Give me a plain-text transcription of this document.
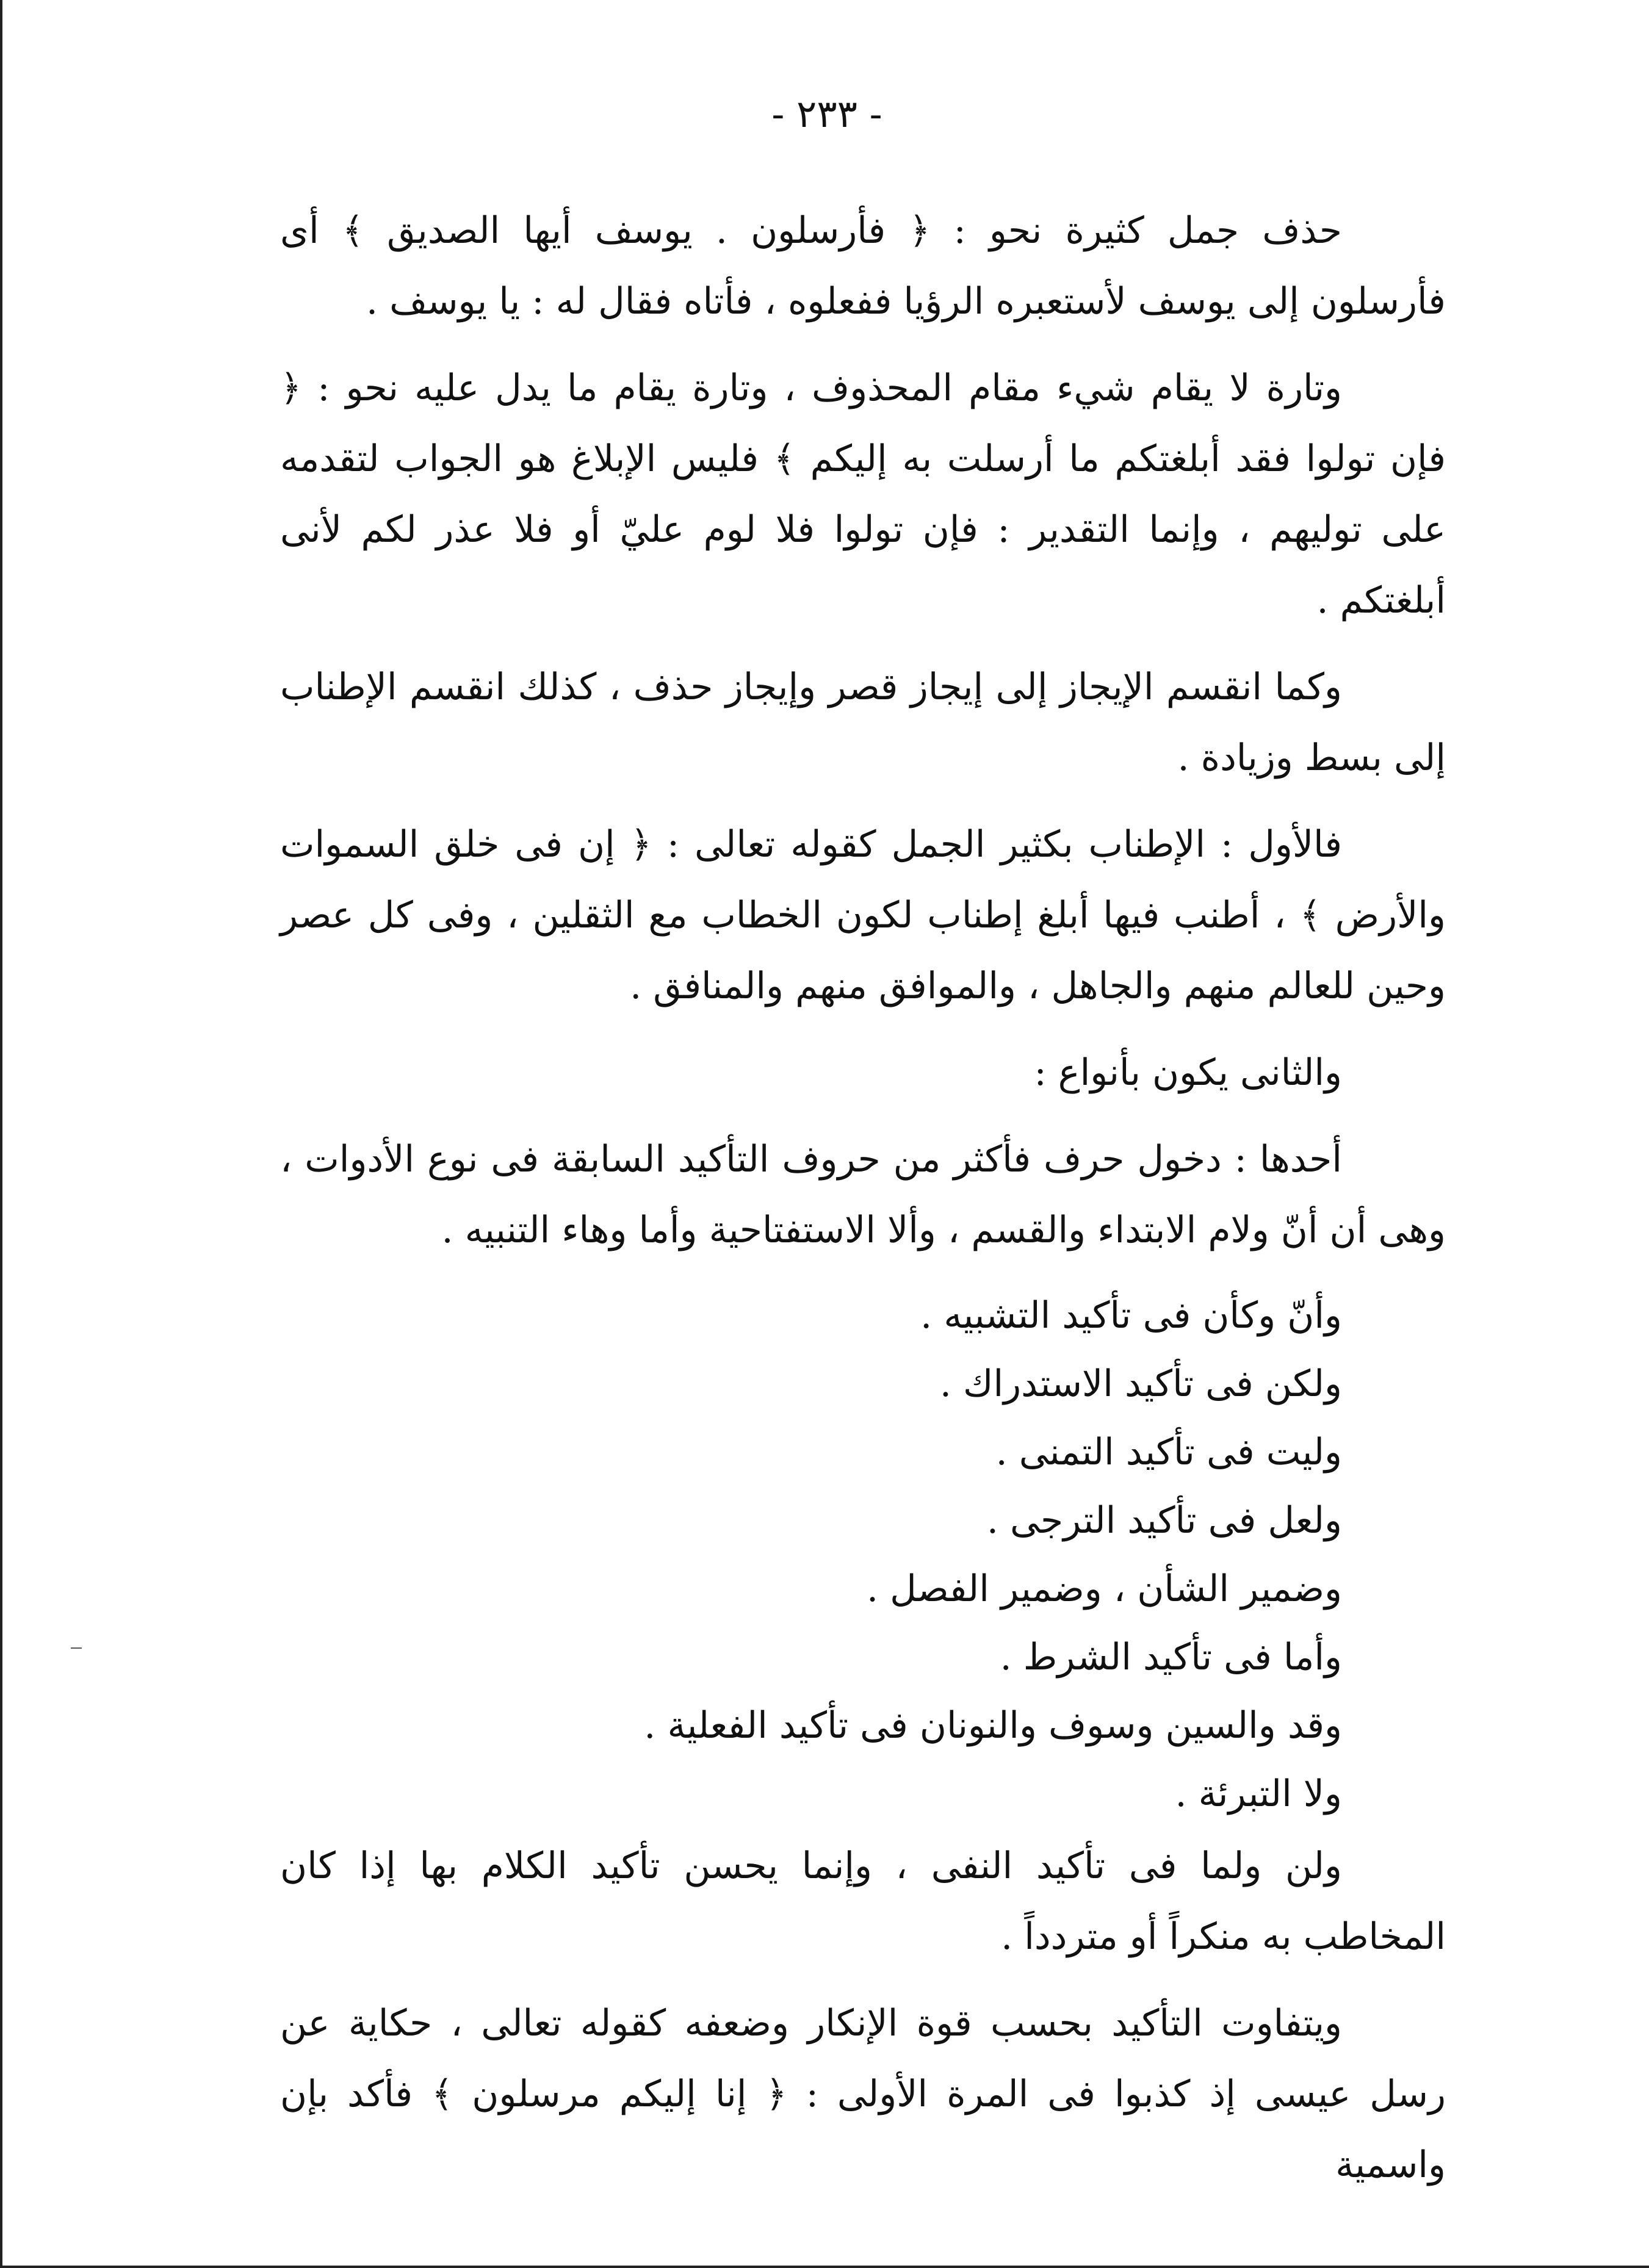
- ٢٣٣ -

حذف جمل كثيرة نحو : ﴿ فأرسلون . يوسف أيها الصديق ﴾ أى فأرسلون إلى يوسف لأستعبره الرؤيا ففعلوه ، فأتاه فقال له : يا يوسف .

وتارة لا يقام شيء مقام المحذوف ، وتارة يقام ما يدل عليه نحو : ﴿ فإن تولوا فقد أبلغتكم ما أرسلت به إليكم ﴾ فليس الإبلاغ هو الجواب لتقدمه على توليهم ، وإنما التقدير : فإن تولوا فلا لوم عليّ أو فلا عذر لكم لأنى أبلغتكم .

وكما انقسم الإيجاز إلى إيجاز قصر وإيجاز حذف ، كذلك انقسم الإطناب إلى بسط وزيادة .

فالأول : الإطناب بكثير الجمل كقوله تعالى : ﴿ إن فى خلق السموات والأرض ﴾ ، أطنب فيها أبلغ إطناب لكون الخطاب مع الثقلين ، وفى كل عصر وحين للعالم منهم والجاهل ، والموافق منهم والمنافق .

والثانى يكون بأنواع :

أحدها : دخول حرف فأكثر من حروف التأكيد السابقة فى نوع الأدوات ، وهى أن أنّ ولام الابتداء والقسم ، وألا الاستفتاحية وأما وهاء التنبيه .

وأنّ وكأن فى تأكيد التشبيه .
ولكن فى تأكيد الاستدراك .
وليت فى تأكيد التمنى .
ولعل فى تأكيد الترجى .
وضمير الشأن ، وضمير الفصل .
وأما فى تأكيد الشرط .
وقد والسين وسوف والنونان فى تأكيد الفعلية .
ولا التبرئة .

ولن ولما فى تأكيد النفى ، وإنما يحسن تأكيد الكلام بها إذا كان المخاطب به منكراً أو متردداً .

ويتفاوت التأكيد بحسب قوة الإنكار وضعفه كقوله تعالى ، حكاية عن رسل عيسى إذ كذبوا فى المرة الأولى : ﴿ إنا إليكم مرسلون ﴾ فأكد بإن واسمية
